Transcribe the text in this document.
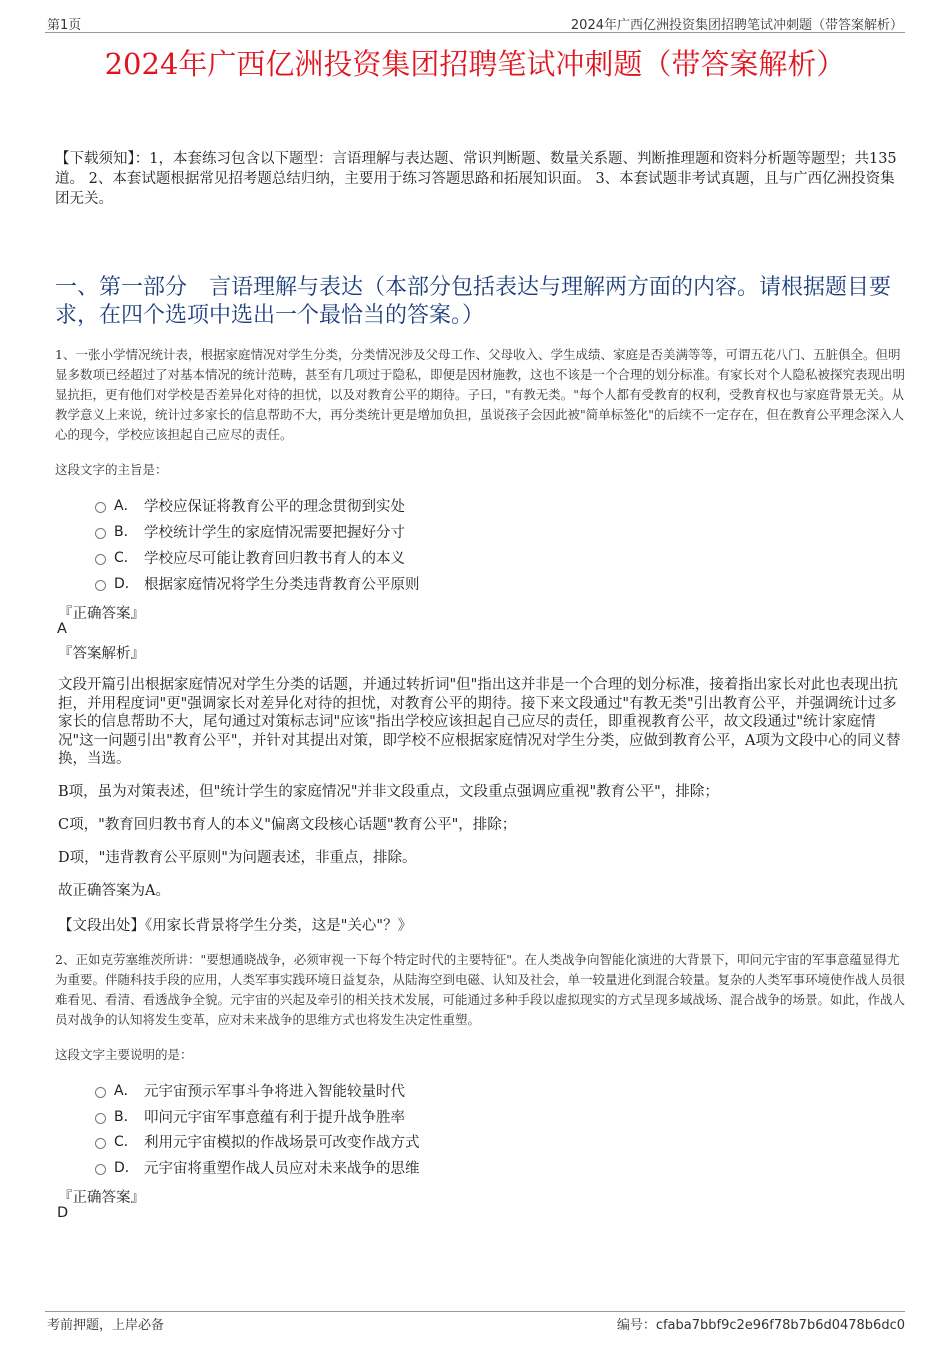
第1页	2024年广西亿洲投资集团招聘笔试冲刺题（带答案解析）
2024年广西亿洲投资集团招聘笔试冲刺题（带答案解析）
【下载须知】：1，本套练习包含以下题型：言语理解与表达题、常识判断题、数量关系题、判断推理题和资料分析题等题型；共135道。 2、本套试题根据常见招考题总结归纳，主要用于练习答题思路和拓展知识面。 3、本套试题非考试真题，且与广西亿洲投资集团无关。
一、第一部分　言语理解与表达（本部分包括表达与理解两方面的内容。请根据题目要求，在四个选项中选出一个最恰当的答案。）
1、一张小学情况统计表，根据家庭情况对学生分类，分类情况涉及父母工作、父母收入、学生成绩、家庭是否美满等等，可谓五花八门、五脏俱全。但明显多数项已经超过了对基本情况的统计范畴，甚至有几项过于隐私，即便是因材施教，这也不该是一个合理的划分标准。有家长对个人隐私被探究表现出明显抗拒，更有他们对学校是否差异化对待的担忧，以及对教育公平的期待。子曰，"有教无类。"每个人都有受教育的权利，受教育权也与家庭背景无关。从教学意义上来说，统计过多家长的信息帮助不大，再分类统计更是增加负担，虽说孩子会因此被"简单标签化"的后续不一定存在，但在教育公平理念深入人心的现今，学校应该担起自己应尽的责任。
这段文字的主旨是：
A． 学校应保证将教育公平的理念贯彻到实处
B． 学校统计学生的家庭情况需要把握好分寸
C． 学校应尽可能让教育回归教书育人的本义
D． 根据家庭情况将学生分类违背教育公平原则
『正确答案』
A
『答案解析』
文段开篇引出根据家庭情况对学生分类的话题，并通过转折词"但"指出这并非是一个合理的划分标准，接着指出家长对此也表现出抗拒，并用程度词"更"强调家长对差异化对待的担忧，对教育公平的期待。接下来文段通过"有教无类"引出教育公平，并强调统计过多家长的信息帮助不大，尾句通过对策标志词"应该"指出学校应该担起自己应尽的责任，即重视教育公平，故文段通过"统计家庭情况"这一问题引出"教育公平"，并针对其提出对策，即学校不应根据家庭情况对学生分类，应做到教育公平，A项为文段中心的同义替换，当选。
B项，虽为对策表述，但"统计学生的家庭情况"并非文段重点，文段重点强调应重视"教育公平"，排除；
C项，"教育回归教书育人的本义"偏离文段核心话题"教育公平"，排除；
D项，"违背教育公平原则"为问题表述，非重点，排除。
故正确答案为A。
【文段出处】《用家长背景将学生分类，这是"关心"？》
2、正如克劳塞维茨所讲："要想通晓战争，必须审视一下每个特定时代的主要特征"。在人类战争向智能化演进的大背景下，叩问元宇宙的军事意蕴显得尤为重要。伴随科技手段的应用，人类军事实践环境日益复杂，从陆海空到电磁、认知及社会，单一较量进化到混合较量。复杂的人类军事环境使作战人员很难看见、看清、看透战争全貌。元宇宙的兴起及牵引的相关技术发展，可能通过多种手段以虚拟现实的方式呈现多域战场、混合战争的场景。如此，作战人员对战争的认知将发生变革，应对未来战争的思维方式也将发生决定性重塑。
这段文字主要说明的是：
A． 元宇宙预示军事斗争将进入智能较量时代
B． 叩问元宇宙军事意蕴有利于提升战争胜率
C． 利用元宇宙模拟的作战场景可改变作战方式
D． 元宇宙将重塑作战人员应对未来战争的思维
『正确答案』
D
考前押题，上岸必备	编号：cfaba7bbf9c2e96f78b7b6d0478b6dc0
